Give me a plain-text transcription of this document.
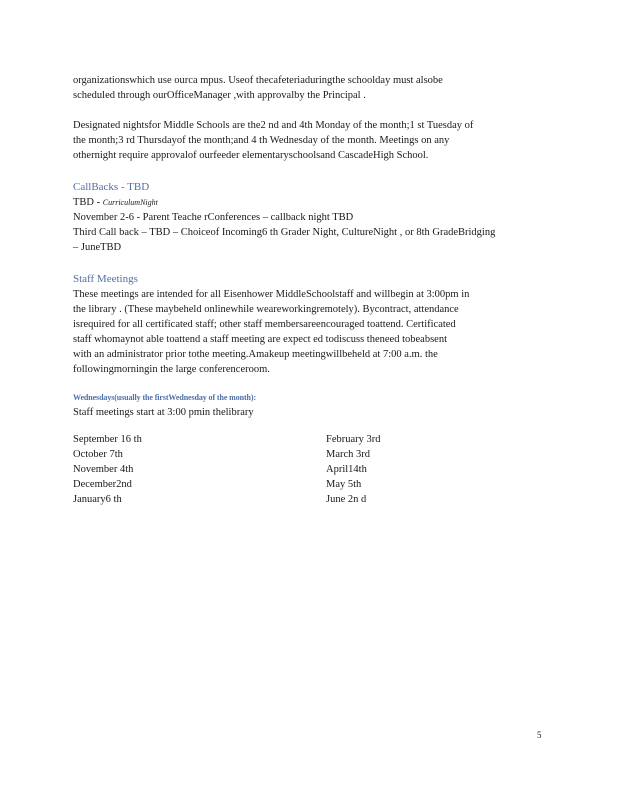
organizationswhich use ourca mpus. Useof thecafeteriaduringthe schoolday must alsobe
scheduled through ourOfficeManager ,with approvalby the Principal .
Designated nightsfor Middle Schools are the2 nd and 4th Monday of the month;1 st Tuesday of
the month;3 rd Thursdayof the month;and 4 th Wednesday of the month. Meetings on any
othernight require approvalof ourfeeder elementaryschoolsand CascadeHigh School.
CallBacks - TBD
TBD - CurriculumNight
November 2-6 - Parent Teache rConferences – callback night TBD
Third Call back – TBD – Choiceof Incoming6 th Grader Night, CultureNight , or 8th GradeBridging
– JuneTBD
Staff Meetings
These meetings are intended for all Eisenhower MiddleSchoolstaff and willbegin at 3:00pm in
the library . (These maybeheld onlinewhile weareworkingremotely). Bycontract, attendance
isrequired for all certificated staff; other staff membersareencouraged toattend. Certificated
staff whomaynot able toattend a staff meeting are expect ed todiscuss theneed tobeabsent
with an administrator prior tothe meeting.Amakeup meetingwillbeheld at 7:00 a.m. the
followingmorningin the large conferenceroom.
Wednesdays(usually the firstWednesday of the month):
Staff meetings start at 3:00 pmin thelibrary
September 16 th
October 7th
November 4th
December2nd
January6 th
February 3rd
March 3rd
April14th
May 5th
June 2n d
5
